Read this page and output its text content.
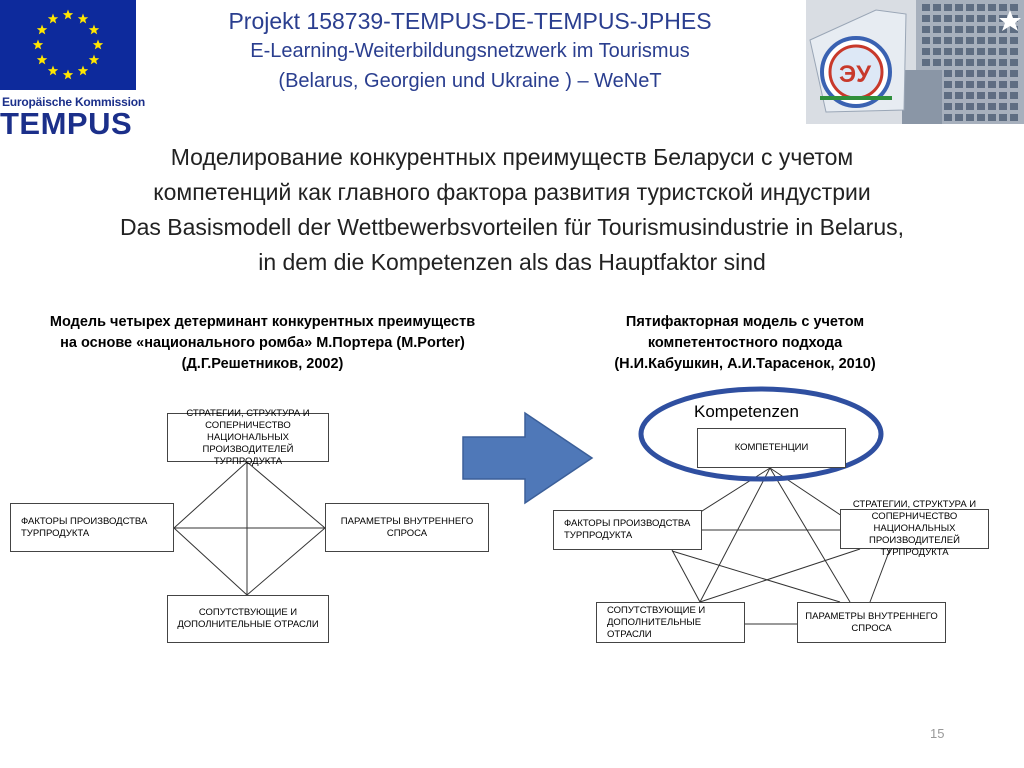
Europäische Kommission
TEMPUS
Projekt 158739-TEMPUS-DE-TEMPUS-JPHES
E-Learning-Weiterbildungsnetzwerk im Tourismus
(Belarus, Georgien und Ukraine ) – WeNeT	ЭУ
Моделирование конкурентных преимуществ Беларуси с учетом
компетенций как главного фактора развития туристской индустрии
Das Basismodell der Wettbewerbsvorteilen für Tourismusindustrie in Belarus,
in dem die Kompetenzen als das Hauptfaktor sind
Модель четырех детерминант конкурентных преимуществ
на основе «национального ромба» М.Портера (M.Porter)
(Д.Г.Решетников, 2002)
Пятифакторная модель с учетом
компетентостного подхода
(Н.И.Кабушкин, А.И.Тарасенок, 2010)
Kompetenzen
СТРАТЕГИИ, СТРУКТУРА И СОПЕРНИЧЕСТВО НАЦИОНАЛЬНЫХ ПРОИЗВОДИТЕЛЕЙ ТУРПРОДУКТА
ФАКТОРЫ ПРОИЗВОДСТВА ТУРПРОДУКТА
ПАРАМЕТРЫ ВНУТРЕННЕГО СПРОСА
СОПУТСТВУЮЩИЕ И ДОПОЛНИТЕЛЬНЫЕ ОТРАСЛИ
КОМПЕТЕНЦИИ
ФАКТОРЫ ПРОИЗВОДСТВА ТУРПРОДУКТА
СТРАТЕГИИ, СТРУКТУРА И СОПЕРНИЧЕСТВО НАЦИОНАЛЬНЫХ ПРОИЗВОДИТЕЛЕЙ ТУРПРОДУКТА
СОПУТСТВУЮЩИЕ И ДОПОЛНИТЕЛЬНЫЕ ОТРАСЛИ
ПАРАМЕТРЫ ВНУТРЕННЕГО СПРОСА
15
